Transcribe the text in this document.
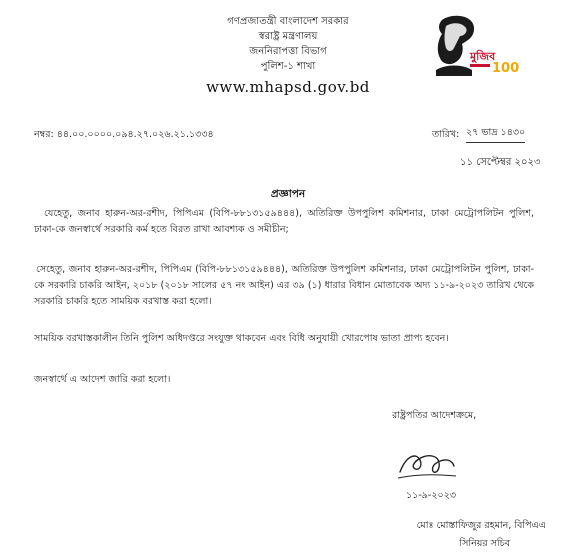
গণপ্রজাতন্ত্রী বাংলাদেশ সরকার
স্বরাষ্ট্র মন্ত্রণালয়
জননিরাপত্তা বিভাগ
পুলিশ-১ শাখা
www.mhapsd.gov.bd
মুজিব
100
নম্বর: ৪৪.০০.০০০০.০৯৪.২৭.০২৬.২১.১৩৩৪	তারিখ: ২৭ ভাদ্র ১৪৩০
১১ সেপ্টেম্বর ২০২৩
প্রজ্ঞাপন
যেহেতু, জনাব হারুন-অর-রশীদ, পিপিএম (বিপি-৮৮১৩১৫৯৪৪৪), অতিরিক্ত উপপুলিশ কমিশনার, ঢাকা মেট্রোপলিটন পুলিশ, ঢাকা-কে জনস্বার্থে সরকারি কর্ম হতে বিরত রাখা আবশ্যক ও সমীচীন;
সেহেতু, জনাব হারুন-অর-রশীদ, পিপিএম (বিপি-৮৮১৩১৫৯৪৪৪), অতিরিক্ত উপপুলিশ কমিশনার, ঢাকা মেট্রোপলিটন পুলিশ, ঢাকা-কে সরকারি চাকরি আইন, ২০১৮ (২০১৮ সালের ৫৭ নং আইন) এর ৩৯ (১) ধারার বিধান মোতাবেক অদ্য ১১-৯-২০২৩ তারিখ থেকে সরকারি চাকরি হতে সাময়িক বরখাস্ত করা হলো।
সাময়িক বরখাস্তকালীন তিনি পুলিশ অধিদপ্তরে সংযুক্ত থাকবেন এবং বিধি অনুযায়ী খোরপোষ ভাতা প্রাপ্য হবেন।
জনস্বার্থে এ আদেশ জারি করা হলো।
রাষ্ট্রপতির আদেশক্রমে,
১১-৯-২০২৩
মোঃ মোস্তাফিজুর রহমান, বিপিএএ
সিনিয়র সচিব
